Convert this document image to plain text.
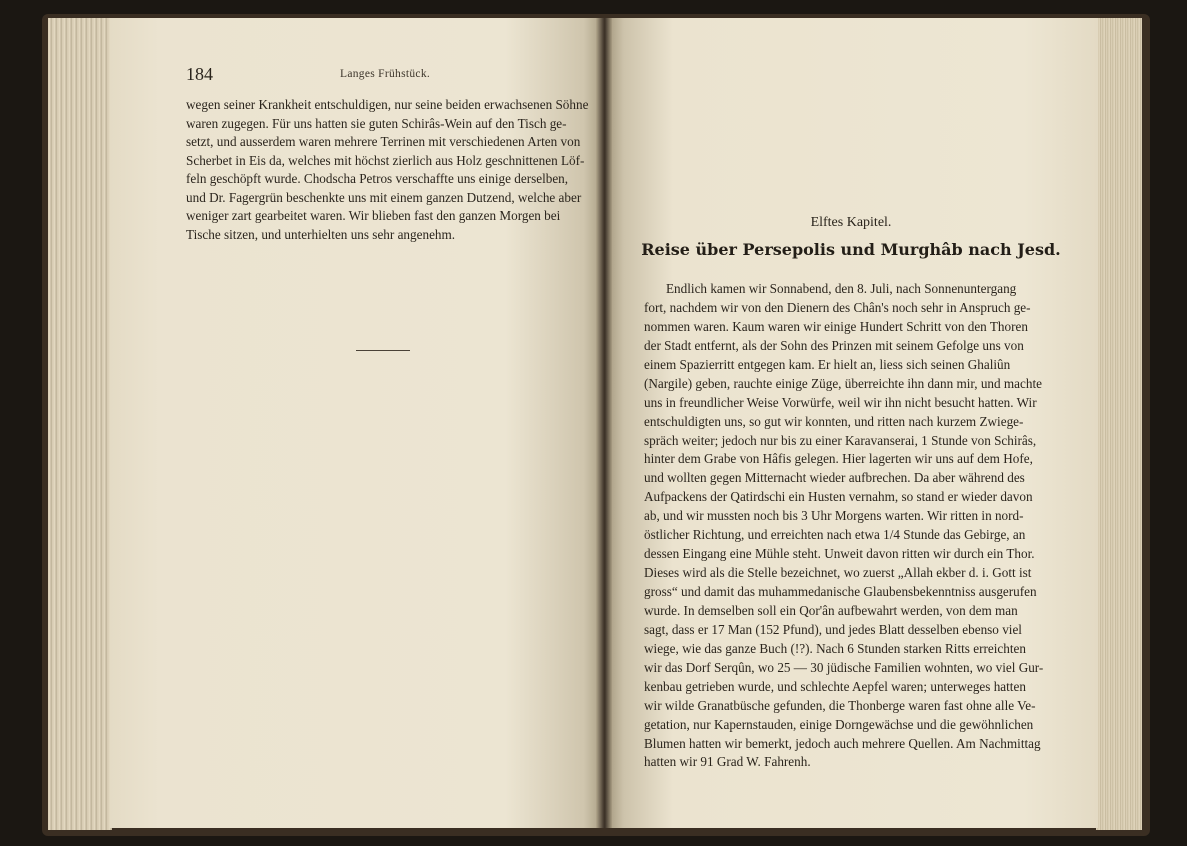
184	Langes Frühstück.
wegen seiner Krankheit entschuldigen, nur seine beiden erwachsenen Söhne
waren zugegen. Für uns hatten sie guten Schirâs-Wein auf den Tisch ge-
setzt, und ausserdem waren mehrere Terrinen mit verschiedenen Arten von
Scherbet in Eis da, welches mit höchst zierlich aus Holz geschnittenen Löf-
feln geschöpft wurde. Chodscha Petros verschaffte uns einige derselben,
und Dr. Fagergrün beschenkte uns mit einem ganzen Dutzend, welche aber
weniger zart gearbeitet waren. Wir blieben fast den ganzen Morgen bei
Tische sitzen, und unterhielten uns sehr angenehm.
Elftes Kapitel.
Reise über Persepolis und Murghâb nach Jesd.
Endlich kamen wir Sonnabend, den 8. Juli, nach Sonnenuntergang
fort, nachdem wir von den Dienern des Chân's noch sehr in Anspruch ge-
nommen waren. Kaum waren wir einige Hundert Schritt von den Thoren
der Stadt entfernt, als der Sohn des Prinzen mit seinem Gefolge uns von
einem Spazierritt entgegen kam. Er hielt an, liess sich seinen Ghaliûn
(Nargile) geben, rauchte einige Züge, überreichte ihn dann mir, und machte
uns in freundlicher Weise Vorwürfe, weil wir ihn nicht besucht hatten. Wir
entschuldigten uns, so gut wir konnten, und ritten nach kurzem Zwiege-
spräch weiter; jedoch nur bis zu einer Karavanserai, 1 Stunde von Schirâs,
hinter dem Grabe von Hâfis gelegen. Hier lagerten wir uns auf dem Hofe,
und wollten gegen Mitternacht wieder aufbrechen. Da aber während des
Aufpackens der Qatirdschi ein Husten vernahm, so stand er wieder davon
ab, und wir mussten noch bis 3 Uhr Morgens warten. Wir ritten in nord-
östlicher Richtung, und erreichten nach etwa 1/4 Stunde das Gebirge, an
dessen Eingang eine Mühle steht. Unweit davon ritten wir durch ein Thor.
Dieses wird als die Stelle bezeichnet, wo zuerst „Allah ekber d. i. Gott ist
gross“ und damit das muhammedanische Glaubensbekenntniss ausgerufen
wurde. In demselben soll ein Qor'ân aufbewahrt werden, von dem man
sagt, dass er 17 Man (152 Pfund), und jedes Blatt desselben ebenso viel
wiege, wie das ganze Buch (!?). Nach 6 Stunden starken Ritts erreichten
wir das Dorf Serqûn, wo 25 — 30 jüdische Familien wohnten, wo viel Gur-
kenbau getrieben wurde, und schlechte Aepfel waren; unterweges hatten
wir wilde Granatbüsche gefunden, die Thonberge waren fast ohne alle Ve-
getation, nur Kapernstauden, einige Dorngewächse und die gewöhnlichen
Blumen hatten wir bemerkt, jedoch auch mehrere Quellen. Am Nachmittag
hatten wir 91 Grad W. Fahrenh.
